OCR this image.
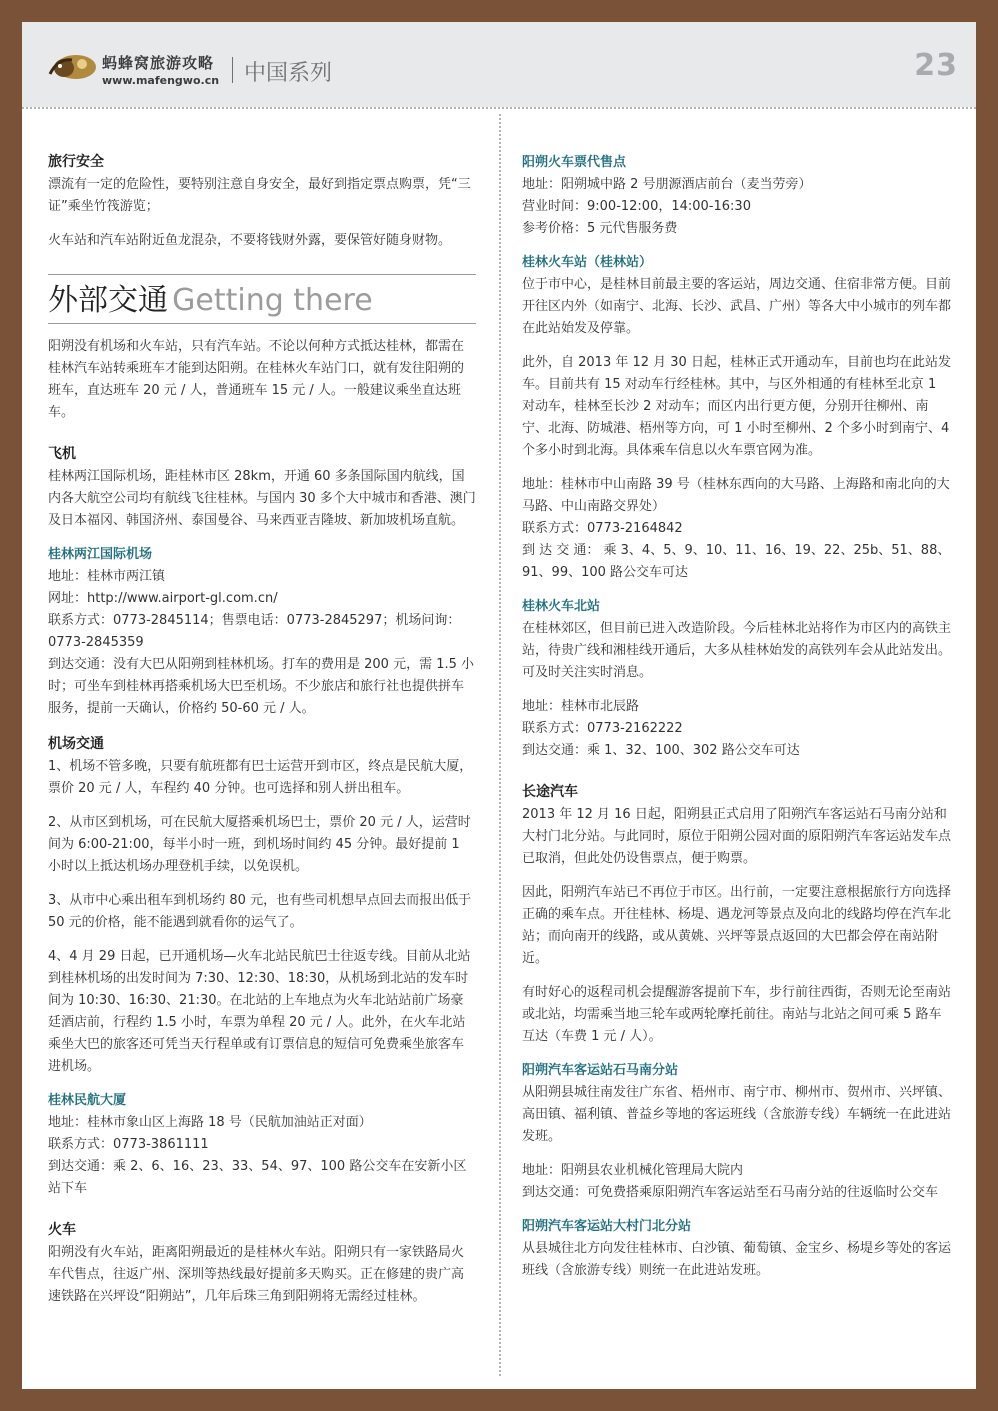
蚂蜂窝旅游攻略
www.mafengwo.cn 中国系列	23
旅行安全

漂流有一定的危险性，要特别注意自身安全，最好到指定票点购票，凭“三证”乘坐竹筏游览；

火车站和汽车站附近鱼龙混杂，不要将钱财外露，要保管好随身财物。

外部交通 Getting there

阳朔没有机场和火车站，只有汽车站。不论以何种方式抵达桂林，都需在桂林汽车站转乘班车才能到达阳朔。在桂林火车站门口，就有发往阳朔的班车，直达班车 20 元 / 人，普通班车 15 元 / 人。一般建议乘坐直达班车。

飞机

桂林两江国际机场，距桂林市区 28km，开通 60 多条国际国内航线，国内各大航空公司均有航线飞往桂林。与国内 30 多个大中城市和香港、澳门及日本福冈、韩国济州、泰国曼谷、马来西亚吉隆坡、新加坡机场直航。

桂林两江国际机场

地址：桂林市两江镇

网址：http://www.airport-gl.com.cn/

联系方式：0773-2845114；售票电话：0773-2845297；机场问询：0773-2845359

到达交通：没有大巴从阳朔到桂林机场。打车的费用是 200 元，需 1.5 小时；可坐车到桂林再搭乘机场大巴至机场。不少旅店和旅行社也提供拼车服务，提前一天确认，价格约 50-60 元 / 人。

机场交通

1、机场不管多晚，只要有航班都有巴士运营开到市区，终点是民航大厦，票价 20 元 / 人，车程约 40 分钟。也可选择和别人拼出租车。

2、从市区到机场，可在民航大厦搭乘机场巴士，票价 20 元 / 人，运营时间为 6:00-21:00，每半小时一班，到机场时间约 45 分钟。最好提前 1 小时以上抵达机场办理登机手续，以免误机。

3、从市中心乘出租车到机场约 80 元，也有些司机想早点回去而报出低于 50 元的价格，能不能遇到就看你的运气了。

4、4 月 29 日起，已开通机场—火车北站民航巴士往返专线。目前从北站到桂林机场的出发时间为 7:30、12:30、18:30，从机场到北站的发车时间为 10:30、16:30、21:30。在北站的上车地点为火车北站站前广场豪廷酒店前，行程约 1.5 小时，车票为单程 20 元 / 人。此外，在火车北站乘坐大巴的旅客还可凭当天行程单或有订票信息的短信可免费乘坐旅客车进机场。

桂林民航大厦

地址：桂林市象山区上海路 18 号（民航加油站正对面）

联系方式：0773-3861111

到达交通：乘 2、6、16、23、33、54、97、100 路公交车在安新小区站下车

火车

阳朔没有火车站，距离阳朔最近的是桂林火车站。阳朔只有一家铁路局火车代售点，往返广州、深圳等热线最好提前多天购买。正在修建的贵广高速铁路在兴坪设“阳朔站”，几年后珠三角到阳朔将无需经过桂林。

阳朔火车票代售点

地址：阳朔城中路 2 号朋源酒店前台（麦当劳旁）

营业时间：9:00-12:00，14:00-16:30

参考价格：5 元代售服务费

桂林火车站（桂林站）

位于市中心，是桂林目前最主要的客运站，周边交通、住宿非常方便。目前开往区内外（如南宁、北海、长沙、武昌、广州）等各大中小城市的列车都在此站始发及停靠。

此外，自 2013 年 12 月 30 日起，桂林正式开通动车，目前也均在此站发车。目前共有 15 对动车行经桂林。其中，与区外相通的有桂林至北京 1 对动车，桂林至长沙 2 对动车；而区内出行更方便，分别开往柳州、南宁、北海、防城港、梧州等方向，可 1 小时至柳州、2 个多小时到南宁、4 个多小时到北海。具体乘车信息以火车票官网为准。

地址：桂林市中山南路 39 号（桂林东西向的大马路、上海路和南北向的大马路、中山南路交界处）

联系方式：0773-2164842

到 达 交 通： 乘 3、4、5、9、10、11、16、19、22、25b、51、88、91、99、100 路公交车可达

桂林火车北站

在桂林郊区，但目前已进入改造阶段。今后桂林北站将作为市区内的高铁主站，待贵广线和湘桂线开通后，大多从桂林始发的高铁列车会从此站发出。可及时关注实时消息。

地址：桂林市北辰路

联系方式：0773-2162222

到达交通：乘 1、32、100、302 路公交车可达

长途汽车

2013 年 12 月 16 日起，阳朔县正式启用了阳朔汽车客运站石马南分站和大村门北分站。与此同时，原位于阳朔公园对面的原阳朔汽车客运站发车点已取消，但此处仍设售票点，便于购票。

因此，阳朔汽车站已不再位于市区。出行前，一定要注意根据旅行方向选择正确的乘车点。开往桂林、杨堤、遇龙河等景点及向北的线路均停在汽车北站；而向南开的线路，或从黄姚、兴坪等景点返回的大巴都会停在南站附近。

有时好心的返程司机会提醒游客提前下车，步行前往西街，否则无论至南站或北站，均需乘当地三轮车或两轮摩托前往。南站与北站之间可乘 5 路车互达（车费 1 元 / 人）。

阳朔汽车客运站石马南分站

从阳朔县城往南发往广东省、梧州市、南宁市、柳州市、贺州市、兴坪镇、高田镇、福利镇、普益乡等地的客运班线（含旅游专线）车辆统一在此进站发班。

地址：阳朔县农业机械化管理局大院内

到达交通：可免费搭乘原阳朔汽车客运站至石马南分站的往返临时公交车

阳朔汽车客运站大村门北分站

从县城往北方向发往桂林市、白沙镇、葡萄镇、金宝乡、杨堤乡等处的客运班线（含旅游专线）则统一在此进站发班。
